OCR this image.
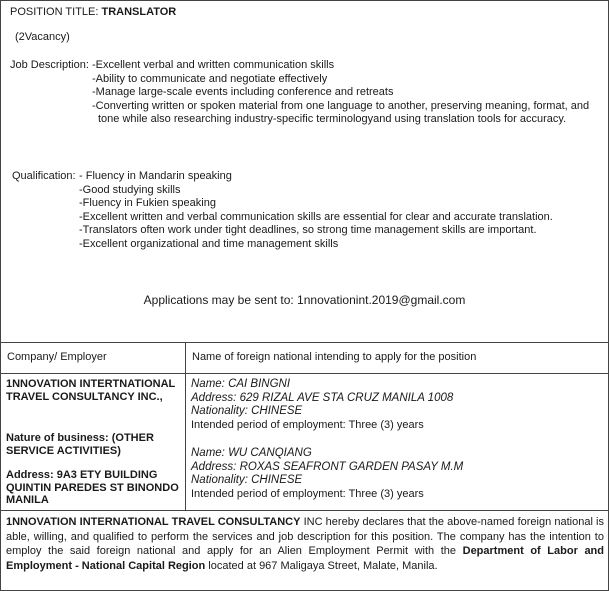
POSITION TITLE: TRANSLATOR
(2Vacancy)
Job Description: -Excellent verbal and written communication skills
-Ability to communicate and negotiate effectively
-Manage large-scale events including conference and retreats
-Converting written or spoken material from one language to another, preserving meaning, format, and
tone while also researching industry-specific terminologyand using translation tools for accuracy.
Qualification: - Fluency in Mandarin speaking
-Good studying skills
-Fluency in Fukien speaking
-Excellent written and verbal communication skills are essential for clear and accurate translation.
-Translators often work under tight deadlines, so strong time management skills are important.
-Excellent organizational and time management skills
Applications may be sent to: 1nnovationint.2019@gmail.com
Company/ Employer	Name of foreign national intending to apply for the position
1NNOVATION INTERTNATIONAL TRAVEL CONSULTANCY INC.,
Nature of business: (OTHER SERVICE ACTIVITIES)
Address: 9A3 ETY BUILDING QUINTIN PAREDES ST BINONDO MANILA
Name: CAI BINGNI
Address: 629 RIZAL AVE STA CRUZ MANILA 1008
Nationality: CHINESE
Intended period of employment: Three (3) years
Name: WU CANQIANG
Address: ROXAS SEAFRONT GARDEN PASAY M.M
Nationality: CHINESE
Intended period of employment: Three (3) years
1NNOVATION INTERNATIONAL TRAVEL CONSULTANCY INC hereby declares that the above-named foreign national is able, willing, and qualified to perform the services and job description for this position. The company has the intention to employ the said foreign national and apply for an Alien Employment Permit with the Department of Labor and Employment - National Capital Region located at 967 Maligaya Street, Malate, Manila.
